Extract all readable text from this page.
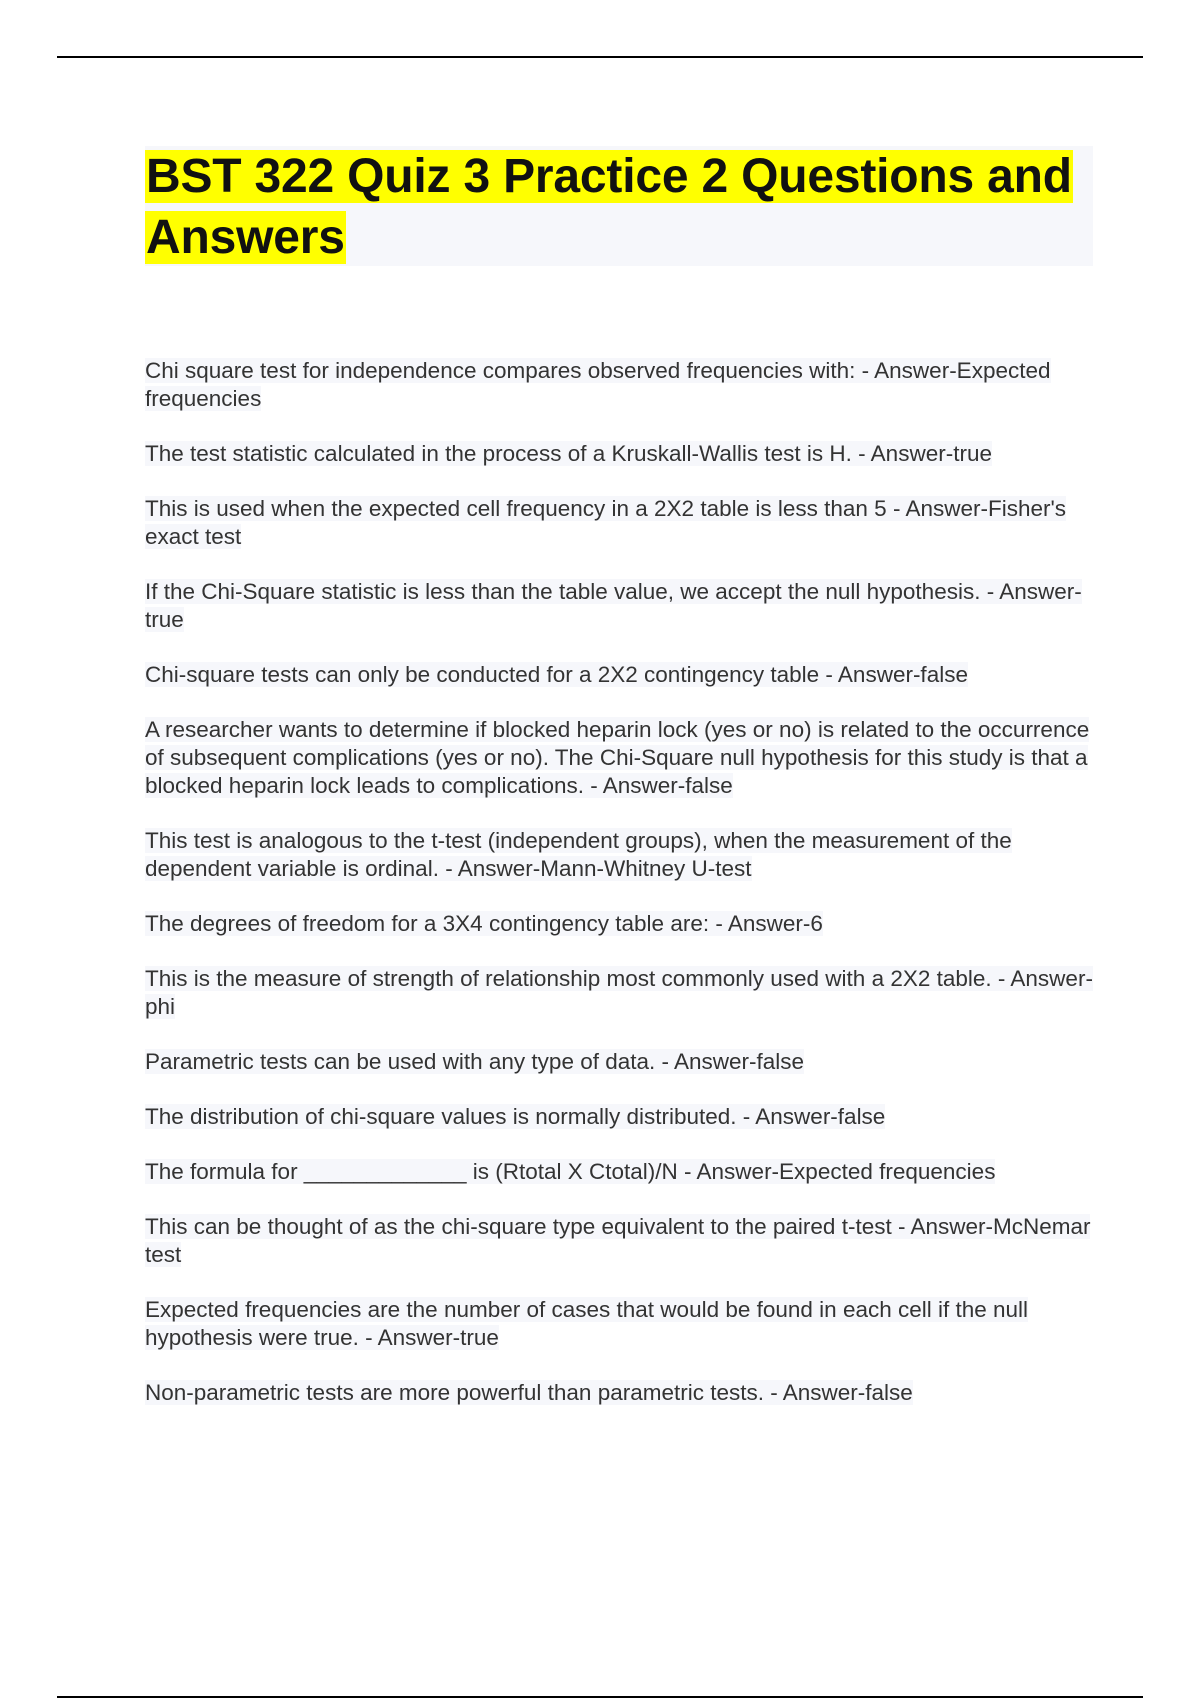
BST 322 Quiz 3 Practice 2 Questions and Answers
Chi square test for independence compares observed frequencies with: - Answer-Expected frequencies
The test statistic calculated in the process of a Kruskall-Wallis test is H. - Answer-true
This is used when the expected cell frequency in a 2X2 table is less than 5 - Answer-Fisher's exact test
If the Chi-Square statistic is less than the table value, we accept the null hypothesis. - Answer-true
Chi-square tests can only be conducted for a 2X2 contingency table - Answer-false
A researcher wants to determine if blocked heparin lock (yes or no) is related to the occurrence of subsequent complications (yes or no). The Chi-Square null hypothesis for this study is that a blocked heparin lock leads to complications. - Answer-false
This test is analogous to the t-test (independent groups), when the measurement of the dependent variable is ordinal. - Answer-Mann-Whitney U-test
The degrees of freedom for a 3X4 contingency table are: - Answer-6
This is the measure of strength of relationship most commonly used with a 2X2 table. - Answer-phi
Parametric tests can be used with any type of data. - Answer-false
The distribution of chi-square values is normally distributed. - Answer-false
The formula for _____________ is (Rtotal X Ctotal)/N - Answer-Expected frequencies
This can be thought of as the chi-square type equivalent to the paired t-test - Answer-McNemar test
Expected frequencies are the number of cases that would be found in each cell if the null hypothesis were true. - Answer-true
Non-parametric tests are more powerful than parametric tests. - Answer-false
